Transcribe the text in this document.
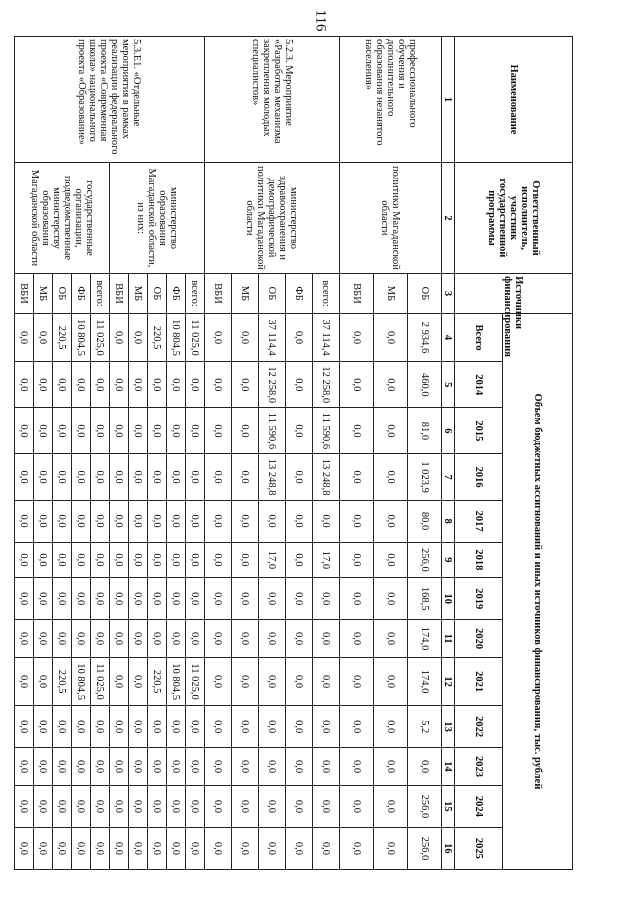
116
Наименование	Ответственный исполнитель, участник государственной программы	Источники финансирования	Объем бюджетных ассигнований и иных источников финансирования, тыс. рублей												
			Всего	2014	2015	2016	2017	2018	2019	2020	2021	2022	2023	2024	2025
1	2	3	4	5	6	7	8	9	10	11	12	13	14	15	16
профессионального обучения и дополнительного образования незанятого населения»	политики Магаданской области	ОБ	2 934,6	460,0	81,0	1 023,9	80,0	256,0	168,5	174,0	174,0	5,2	0,0	256,0	256,0
		МБ	0,0	0,0	0,0	0,0	0,0	0,0	0,0	0,0	0,0	0,0	0,0	0,0	0,0
		ВБИ	0,0	0,0	0,0	0,0	0,0	0,0	0,0	0,0	0,0	0,0	0,0	0,0	0,0
5.2.3. Мероприятие «Разработка механизма закрепления молодых специалистов»	министерство здравоохранения и демографической политики Магаданской области	всего:	37 114,4	12 258,0	11 590,6	13 248,8	0,0	17,0	0,0	0,0	0,0	0,0	0,0	0,0	0,0
		ФБ	0,0	0,0	0,0	0,0	0,0	0,0	0,0	0,0	0,0	0,0	0,0	0,0	0,0
		ОБ	37 114,4	12 258,0	11 590,6	13 248,8	0,0	17,0	0,0	0,0	0,0	0,0	0,0	0,0	0,0
		МБ	0,0	0,0	0,0	0,0	0,0	0,0	0,0	0,0	0,0	0,0	0,0	0,0	0,0
		ВБИ	0,0	0,0	0,0	0,0	0,0	0,0	0,0	0,0	0,0	0,0	0,0	0,0	0,0
5.3.Е1. «Отдельные мероприятия в рамках реализации федерального проекта «Современная школа» национального проекта «Образование»	министерство образования Магаданской области, из них:	всего:	11 025,0	0,0	0,0	0,0	0,0	0,0	0,0	0,0	11 025,0	0,0	0,0	0,0	0,0
		ФБ	10 804,5	0,0	0,0	0,0	0,0	0,0	0,0	0,0	10 804,5	0,0	0,0	0,0	0,0
		ОБ	220,5	0,0	0,0	0,0	0,0	0,0	0,0	0,0	220,5	0,0	0,0	0,0	0,0
		МБ	0,0	0,0	0,0	0,0	0,0	0,0	0,0	0,0	0,0	0,0	0,0	0,0	0,0
		ВБИ	0,0	0,0	0,0	0,0	0,0	0,0	0,0	0,0	0,0	0,0	0,0	0,0	0,0
	государственные организации, подведомственные министерству образования Магаданской области	всего:	11 025,0	0,0	0,0	0,0	0,0	0,0	0,0	0,0	11 025,0	0,0	0,0	0,0	0,0
		ФБ	10 804,5	0,0	0,0	0,0	0,0	0,0	0,0	0,0	10 804,5	0,0	0,0	0,0	0,0
		ОБ	220,5	0,0	0,0	0,0	0,0	0,0	0,0	0,0	220,5	0,0	0,0	0,0	0,0
		МБ	0,0	0,0	0,0	0,0	0,0	0,0	0,0	0,0	0,0	0,0	0,0	0,0	0,0
		ВБИ	0,0	0,0	0,0	0,0	0,0	0,0	0,0	0,0	0,0	0,0	0,0	0,0	0,0
